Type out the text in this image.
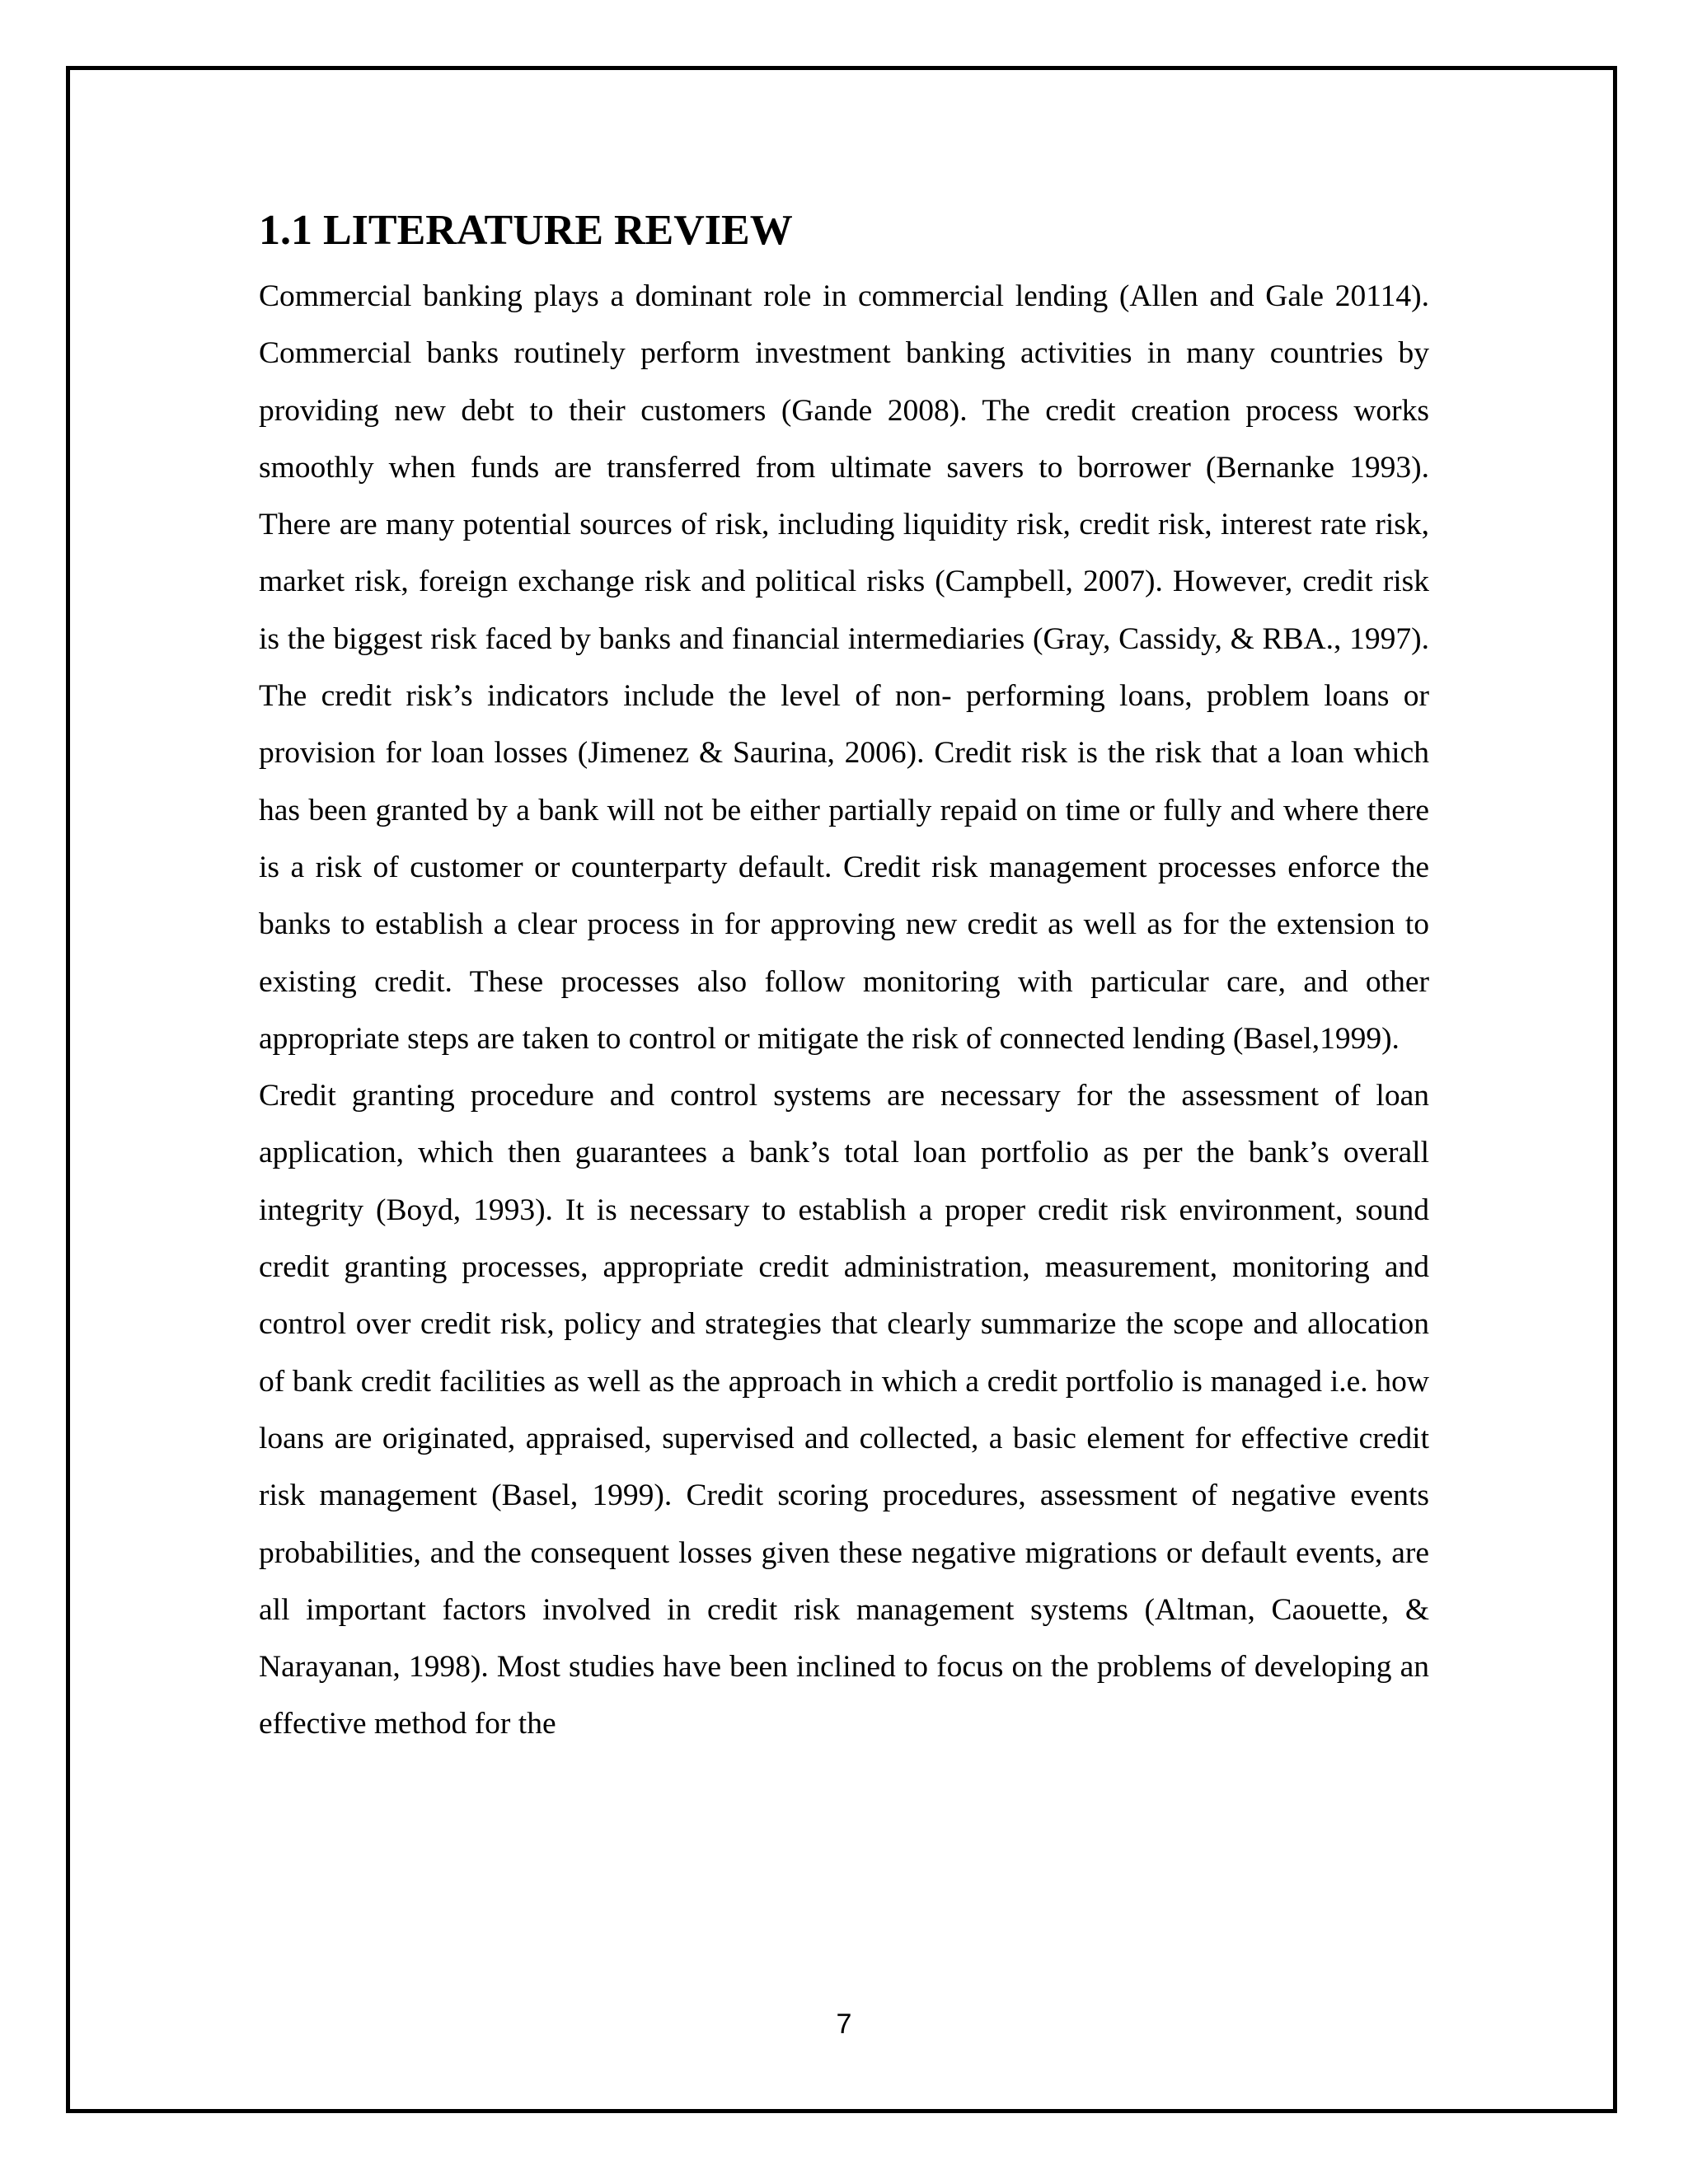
1.1 LITERATURE REVIEW

Commercial banking plays a dominant role in commercial lending (Allen and Gale 20114). Commercial banks routinely perform investment banking activities in many countries by providing new debt to their customers (Gande 2008). The credit creation process works smoothly when funds are transferred from ultimate savers to borrower (Bernanke 1993). There are many potential sources of risk, including liquidity risk, credit risk, interest rate risk, market risk, foreign exchange risk and political risks (Campbell, 2007). However, credit risk is the biggest risk faced by banks and financial intermediaries (Gray, Cassidy, & RBA., 1997). The credit risk’s indicators include the level of non- performing loans, problem loans or provision for loan losses (Jimenez & Saurina, 2006). Credit risk is the risk that a loan which has been granted by a bank will not be either partially repaid on time or fully and where there is a risk of customer or counterparty default. Credit risk management processes enforce the banks to establish a clear process in for approving new credit as well as for the extension to existing credit. These processes also follow monitoring with particular care, and other appropriate steps are taken to control or mitigate the risk of connected lending (Basel,1999).

Credit granting procedure and control systems are necessary for the assessment of loan application, which then guarantees a bank’s total loan portfolio as per the bank’s overall integrity (Boyd, 1993). It is necessary to establish a proper credit risk environment, sound credit granting processes, appropriate credit administration, measurement, monitoring and control over credit risk, policy and strategies that clearly summarize the scope and allocation of bank credit facilities as well as the approach in which a credit portfolio is managed i.e. how loans are originated, appraised, supervised and collected, a basic element for effective credit risk management (Basel, 1999). Credit scoring procedures, assessment of negative events probabilities, and the consequent losses given these negative migrations or default events, are all important factors involved in credit risk management systems (Altman, Caouette, & Narayanan, 1998). Most studies have been inclined to focus on the problems of developing an effective method for the

7
